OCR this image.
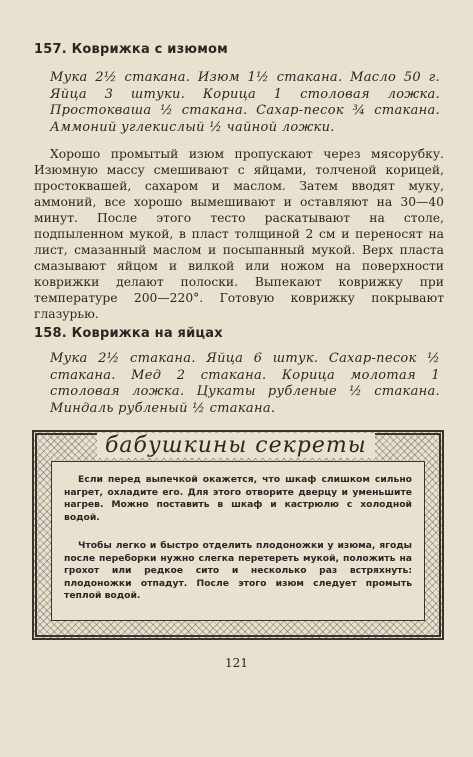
157. Коврижка с изюмом
Мука 2½ стакана. Изюм 1½ стакана. Масло 50 г. Яйца 3 штуки. Корица 1 столовая ложка. Простокваша ½ стакана. Сахар-песок ¾ стакана. Аммоний углекислый ½ чайной ложки.

Хорошо промытый изюм пропускают через мясорубку. Изюмную массу смешивают с яйцами, толченой корицей, простоквашей, сахаром и маслом. Затем вводят муку, аммоний, все хорошо вымешивают и оставляют на 30—40 минут. После этого тесто раскатывают на столе, подпыленном мукой, в пласт толщиной 2 см и переносят на лист, смазанный маслом и посыпанный мукой. Верх пласта смазывают яйцом и вилкой или ножом на поверхности коврижки делают полоски. Выпекают коврижку при температуре 200—220°. Готовую коврижку покрывают глазурью.

158. Коврижка на яйцах
Мука 2½ стакана. Яйца 6 штук. Сахар-песок ½ стакана. Мед 2 стакана. Корица молотая 1 столовая ложка. Цукаты рубленые ½ стакана. Миндаль рубленый ½ стакана.

Если перед выпечкой окажется, что шкаф слишком сильно нагрет, охладите его. Для этого отворите дверцу и уменьшите нагрев. Можно поставить в шкаф и кастрюлю с холодной водой.

Чтобы легко и быстро отделить плодоножки у изюма, ягоды после переборки нужно слегка перетереть мукой, положить на грохот или редкое сито и несколько раз встряхнуть: плодоножки отпадут. После этого изюм следует промыть теплой водой.

бабушкины секреты
121
